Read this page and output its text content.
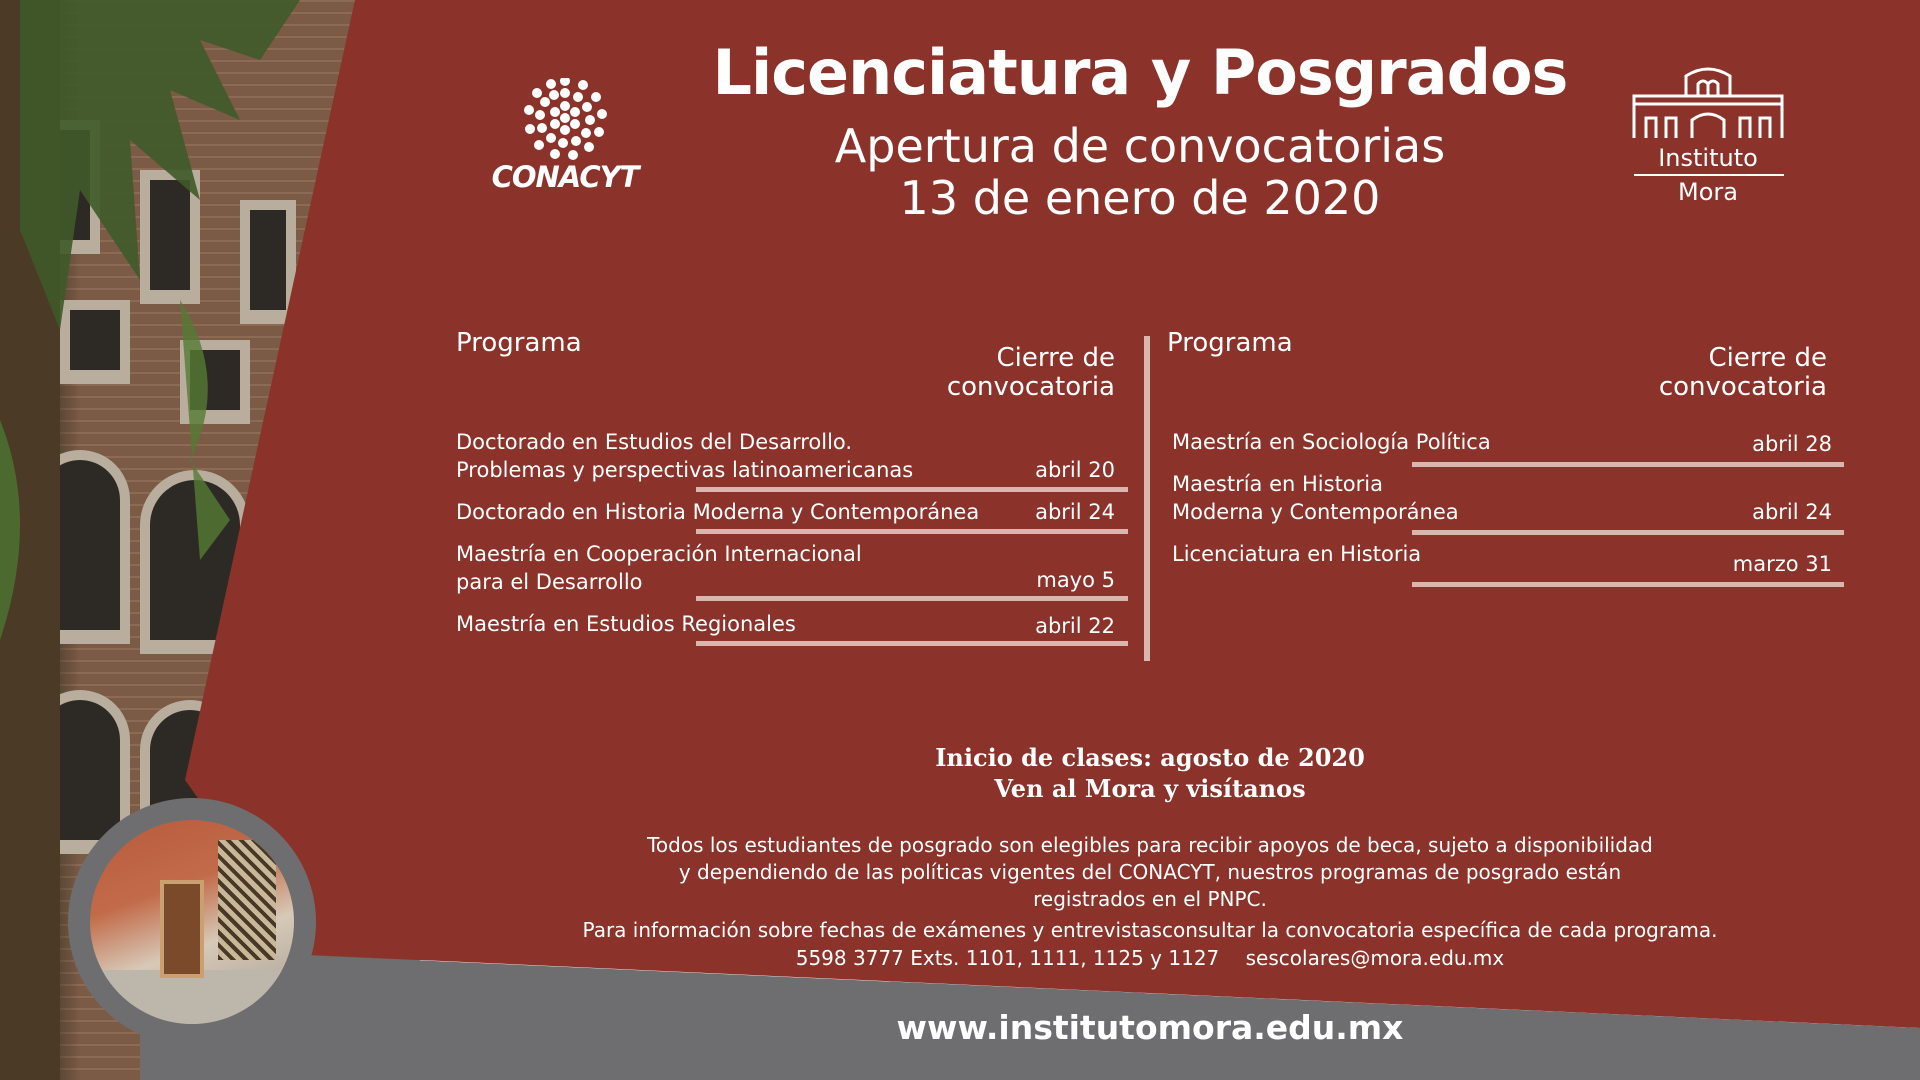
CONACYT
Licenciatura y Posgrados
Apertura de convocatorias
13 de enero de 2020
Instituto
Mora
Programa	Cierre de
convocatoria
Doctorado en Estudios del Desarrollo.
Problemas y perspectivas latinoamericanas	abril 20
Doctorado en Historia Moderna y Contemporánea	abril 24
Maestría en Cooperación Internacional
para el Desarrollo	mayo 5
Maestría en Estudios Regionales	abril 22
Programa	Cierre de
convocatoria
Maestría en Sociología Política	abril 28
Maestría en Historia
Moderna y Contemporánea	abril 24
Licenciatura en Historia	marzo 31
Inicio de clases: agosto de 2020
Ven al Mora y visítanos

Todos los estudiantes de posgrado son elegibles para recibir apoyos de beca, sujeto a disponibilidad

y dependiendo de las políticas vigentes del CONACYT, nuestros programas de posgrado están

registrados en el PNPC.

Para información sobre fechas de exámenes y entrevistasconsultar la convocatoria específica de cada programa.

5598 3777 Exts. 1101, 1111, 1125 y 1127 sescolares@mora.edu.mx
www.institutomora.edu.mx
